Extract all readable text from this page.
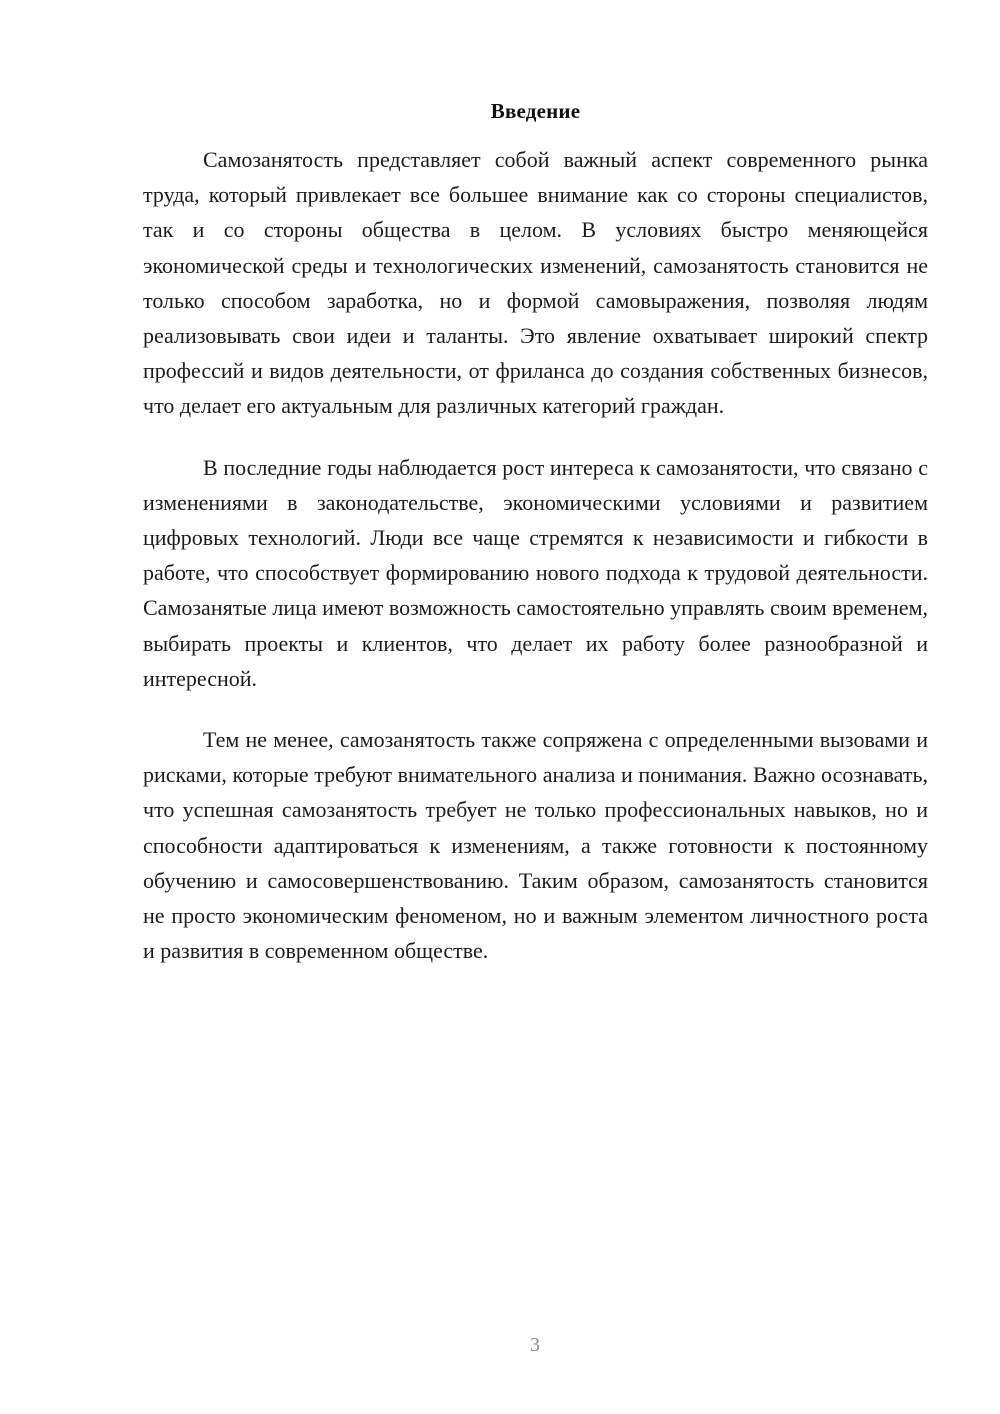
Введение

Самозанятость представляет собой важный аспект современного рынка труда, который привлекает все большее внимание как со стороны специалистов, так и со стороны общества в целом. В условиях быстро меняющейся экономической среды и технологических изменений, самозанятость становится не только способом заработка, но и формой самовыражения, позволяя людям реализовывать свои идеи и таланты. Это явление охватывает широкий спектр профессий и видов деятельности, от фриланса до создания собственных бизнесов, что делает его актуальным для различных категорий граждан.

В последние годы наблюдается рост интереса к самозанятости, что связано с изменениями в законодательстве, экономическими условиями и развитием цифровых технологий. Люди все чаще стремятся к независимости и гибкости в работе, что способствует формированию нового подхода к трудовой деятельности. Самозанятые лица имеют возможность самостоятельно управлять своим временем, выбирать проекты и клиентов, что делает их работу более разнообразной и интересной.

Тем не менее, самозанятость также сопряжена с определенными вызовами и рисками, которые требуют внимательного анализа и понимания. Важно осознавать, что успешная самозанятость требует не только профессиональных навыков, но и способности адаптироваться к изменениям, а также готовности к постоянному обучению и самосовершенствованию. Таким образом, самозанятость становится не просто экономическим феноменом, но и важным элементом личностного роста и развития в современном обществе.

3
